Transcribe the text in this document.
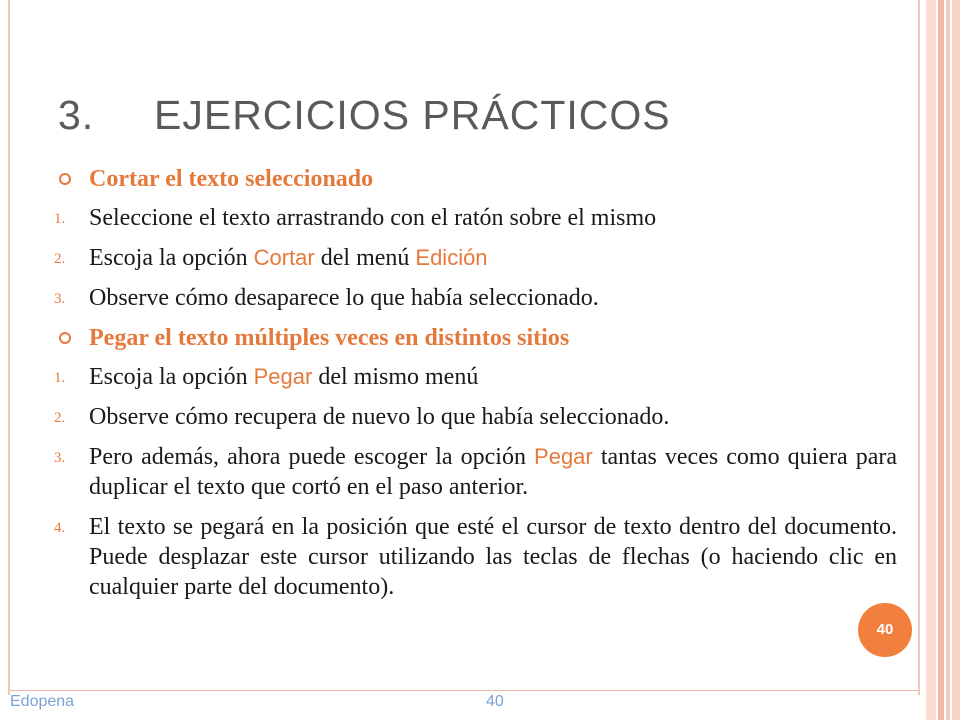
3. EJERCICIOS PRÁCTICOS
Cortar el texto seleccionado
1. Seleccione el texto arrastrando con el ratón sobre el mismo
2. Escoja la opción Cortar del menú Edición
3. Observe cómo desaparece lo que había seleccionado.
Pegar el texto múltiples veces en distintos sitios
1. Escoja la opción Pegar del mismo menú
2. Observe cómo recupera de nuevo lo que había seleccionado.
3. Pero además, ahora puede escoger la opción Pegar tantas veces como quiera para duplicar el texto que cortó en el paso anterior.
4. El texto se pegará en la posición que esté el cursor de texto dentro del documento. Puede desplazar este cursor utilizando las teclas de flechas (o haciendo clic en cualquier parte del documento).
40
Edopena	40
